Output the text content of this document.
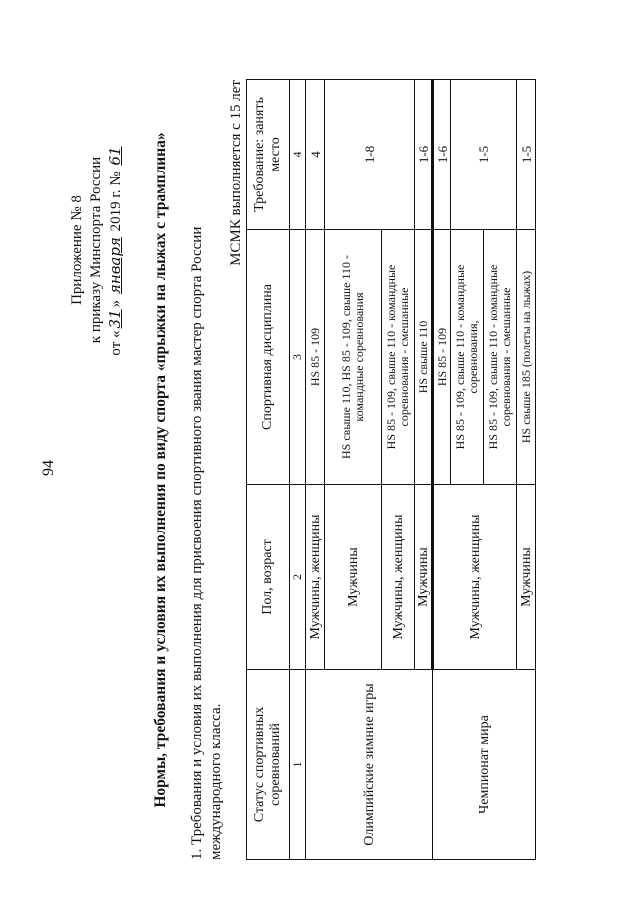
94
Приложение № 8 к приказу Минспорта России от «31» января 2019 г. № 61 Нормы, требования и условия их выполнения по виду спорта «прыжки на лыжах с трамплина» 1. Требования и условия их выполнения для присвоения спортивного звания мастер спорта России международного класса.
МСМК выполняется с 15 лет
Статус спортивных соревнований	Пол, возраст	Спортивная дисциплина	Требование: занять место
1	2	3	4
Олимпийские зимние игры	Мужчины, женщины	HS 85 - 109	4
	Мужчины	HS свыше 110, HS 85 - 109, свыше 110 - командные соревнования	1-8
	Мужчины, женщины	HS 85 - 109, свыше 110 - командные соревнования - смешанные	
	Мужчины	HS свыше 110	1-6
Чемпионат мира	Мужчины, женщины	HS 85 - 109	1-6
		HS 85 - 109, свыше 110 - командные соревнования,	1-5
		HS 85 - 109, свыше 110 - командные соревнования - смешанные	
	Мужчины	HS свыше 185 (полеты на лыжах)	1-5
